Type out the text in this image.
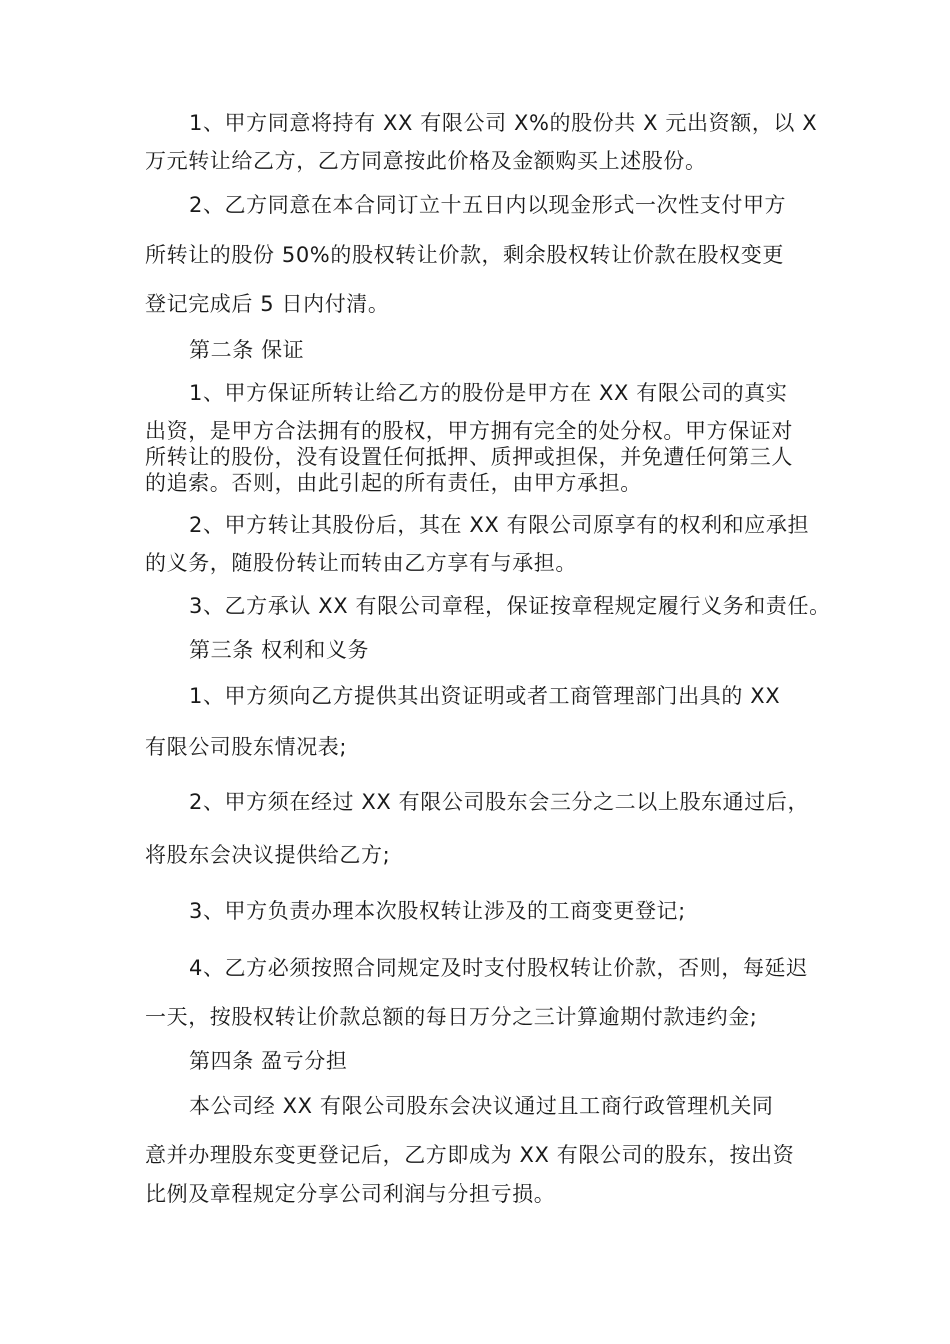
1、甲方同意将持有 XX 有限公司 X%的股份共 X 元出资额，以 X
万元转让给乙方，乙方同意按此价格及金额购买上述股份。
2、乙方同意在本合同订立十五日内以现金形式一次性支付甲方
所转让的股份 50%的股权转让价款，剩余股权转让价款在股权变更
登记完成后 5 日内付清。
第二条 保证
1、甲方保证所转让给乙方的股份是甲方在 XX 有限公司的真实
出资，是甲方合法拥有的股权，甲方拥有完全的处分权。甲方保证对
所转让的股份，没有设置任何抵押、质押或担保，并免遭任何第三人
的追索。否则，由此引起的所有责任，由甲方承担。
2、甲方转让其股份后，其在 XX 有限公司原享有的权利和应承担
的义务，随股份转让而转由乙方享有与承担。
3、乙方承认 XX 有限公司章程，保证按章程规定履行义务和责任。
第三条 权利和义务
1、甲方须向乙方提供其出资证明或者工商管理部门出具的 XX
有限公司股东情况表;
2、甲方须在经过 XX 有限公司股东会三分之二以上股东通过后，
将股东会决议提供给乙方;
3、甲方负责办理本次股权转让涉及的工商变更登记;
4、乙方必须按照合同规定及时支付股权转让价款，否则，每延迟
一天，按股权转让价款总额的每日万分之三计算逾期付款违约金;
第四条 盈亏分担
本公司经 XX 有限公司股东会决议通过且工商行政管理机关同
意并办理股东变更登记后，乙方即成为 XX 有限公司的股东，按出资
比例及章程规定分享公司利润与分担亏损。
